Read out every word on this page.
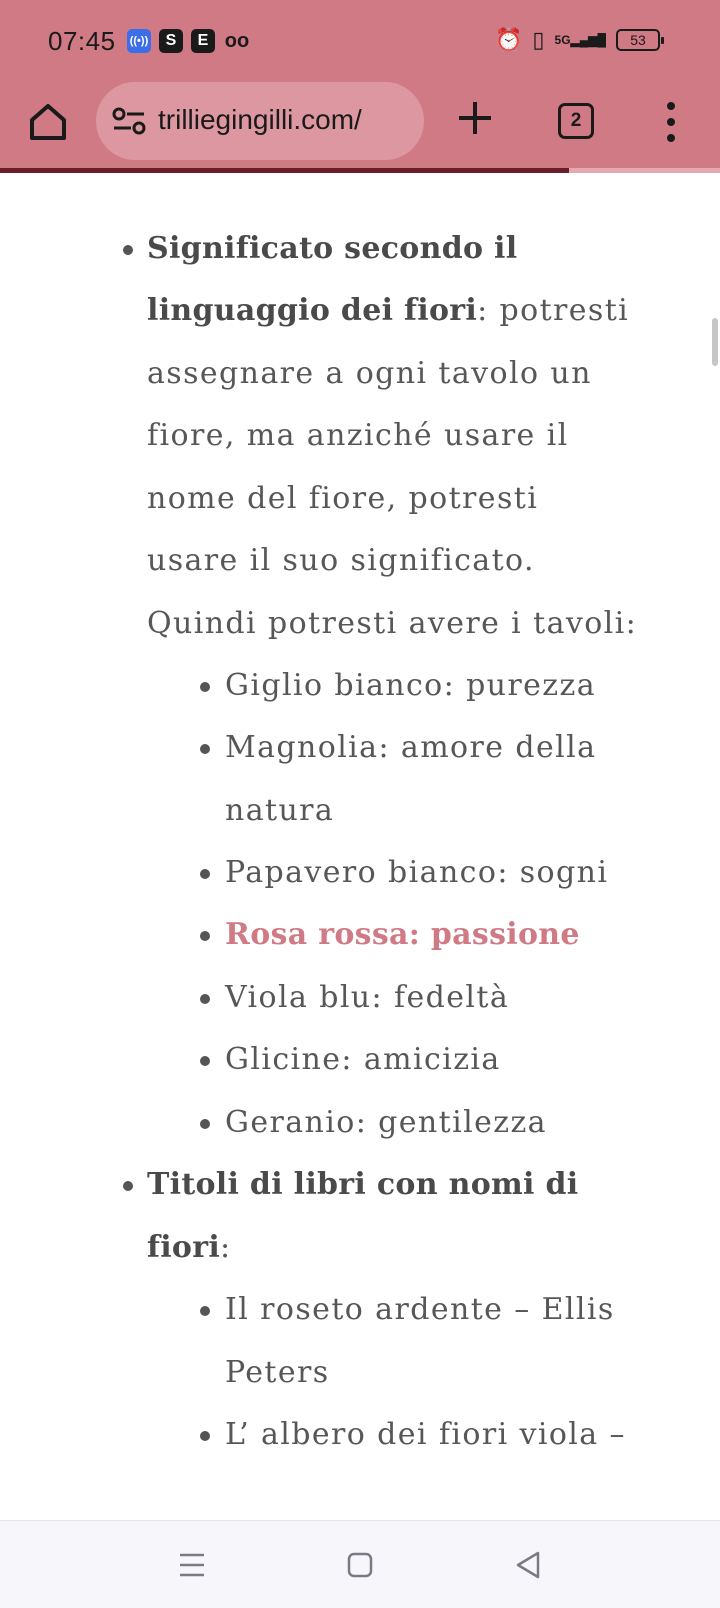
07:45 ((•))	S	E ᴏᴏ	⏰ ▯ 5G▂▄▆█	53
trilliegingilli.com/	2
Significato secondo il
linguaggio dei fiori: potresti
assegnare a ogni tavolo un
fiore, ma anziché usare il
nome del fiore, potresti
usare il suo significato.
Quindi potresti avere i tavoli:
Giglio bianco: purezza
Magnolia: amore della
natura
Papavero bianco: sogni
Rosa rossa: passione
Viola blu: fedeltà
Glicine: amicizia
Geranio: gentilezza
Titoli di libri con nomi di
fiori:
Il roseto ardente – Ellis
Peters
L’ albero dei fiori viola –
